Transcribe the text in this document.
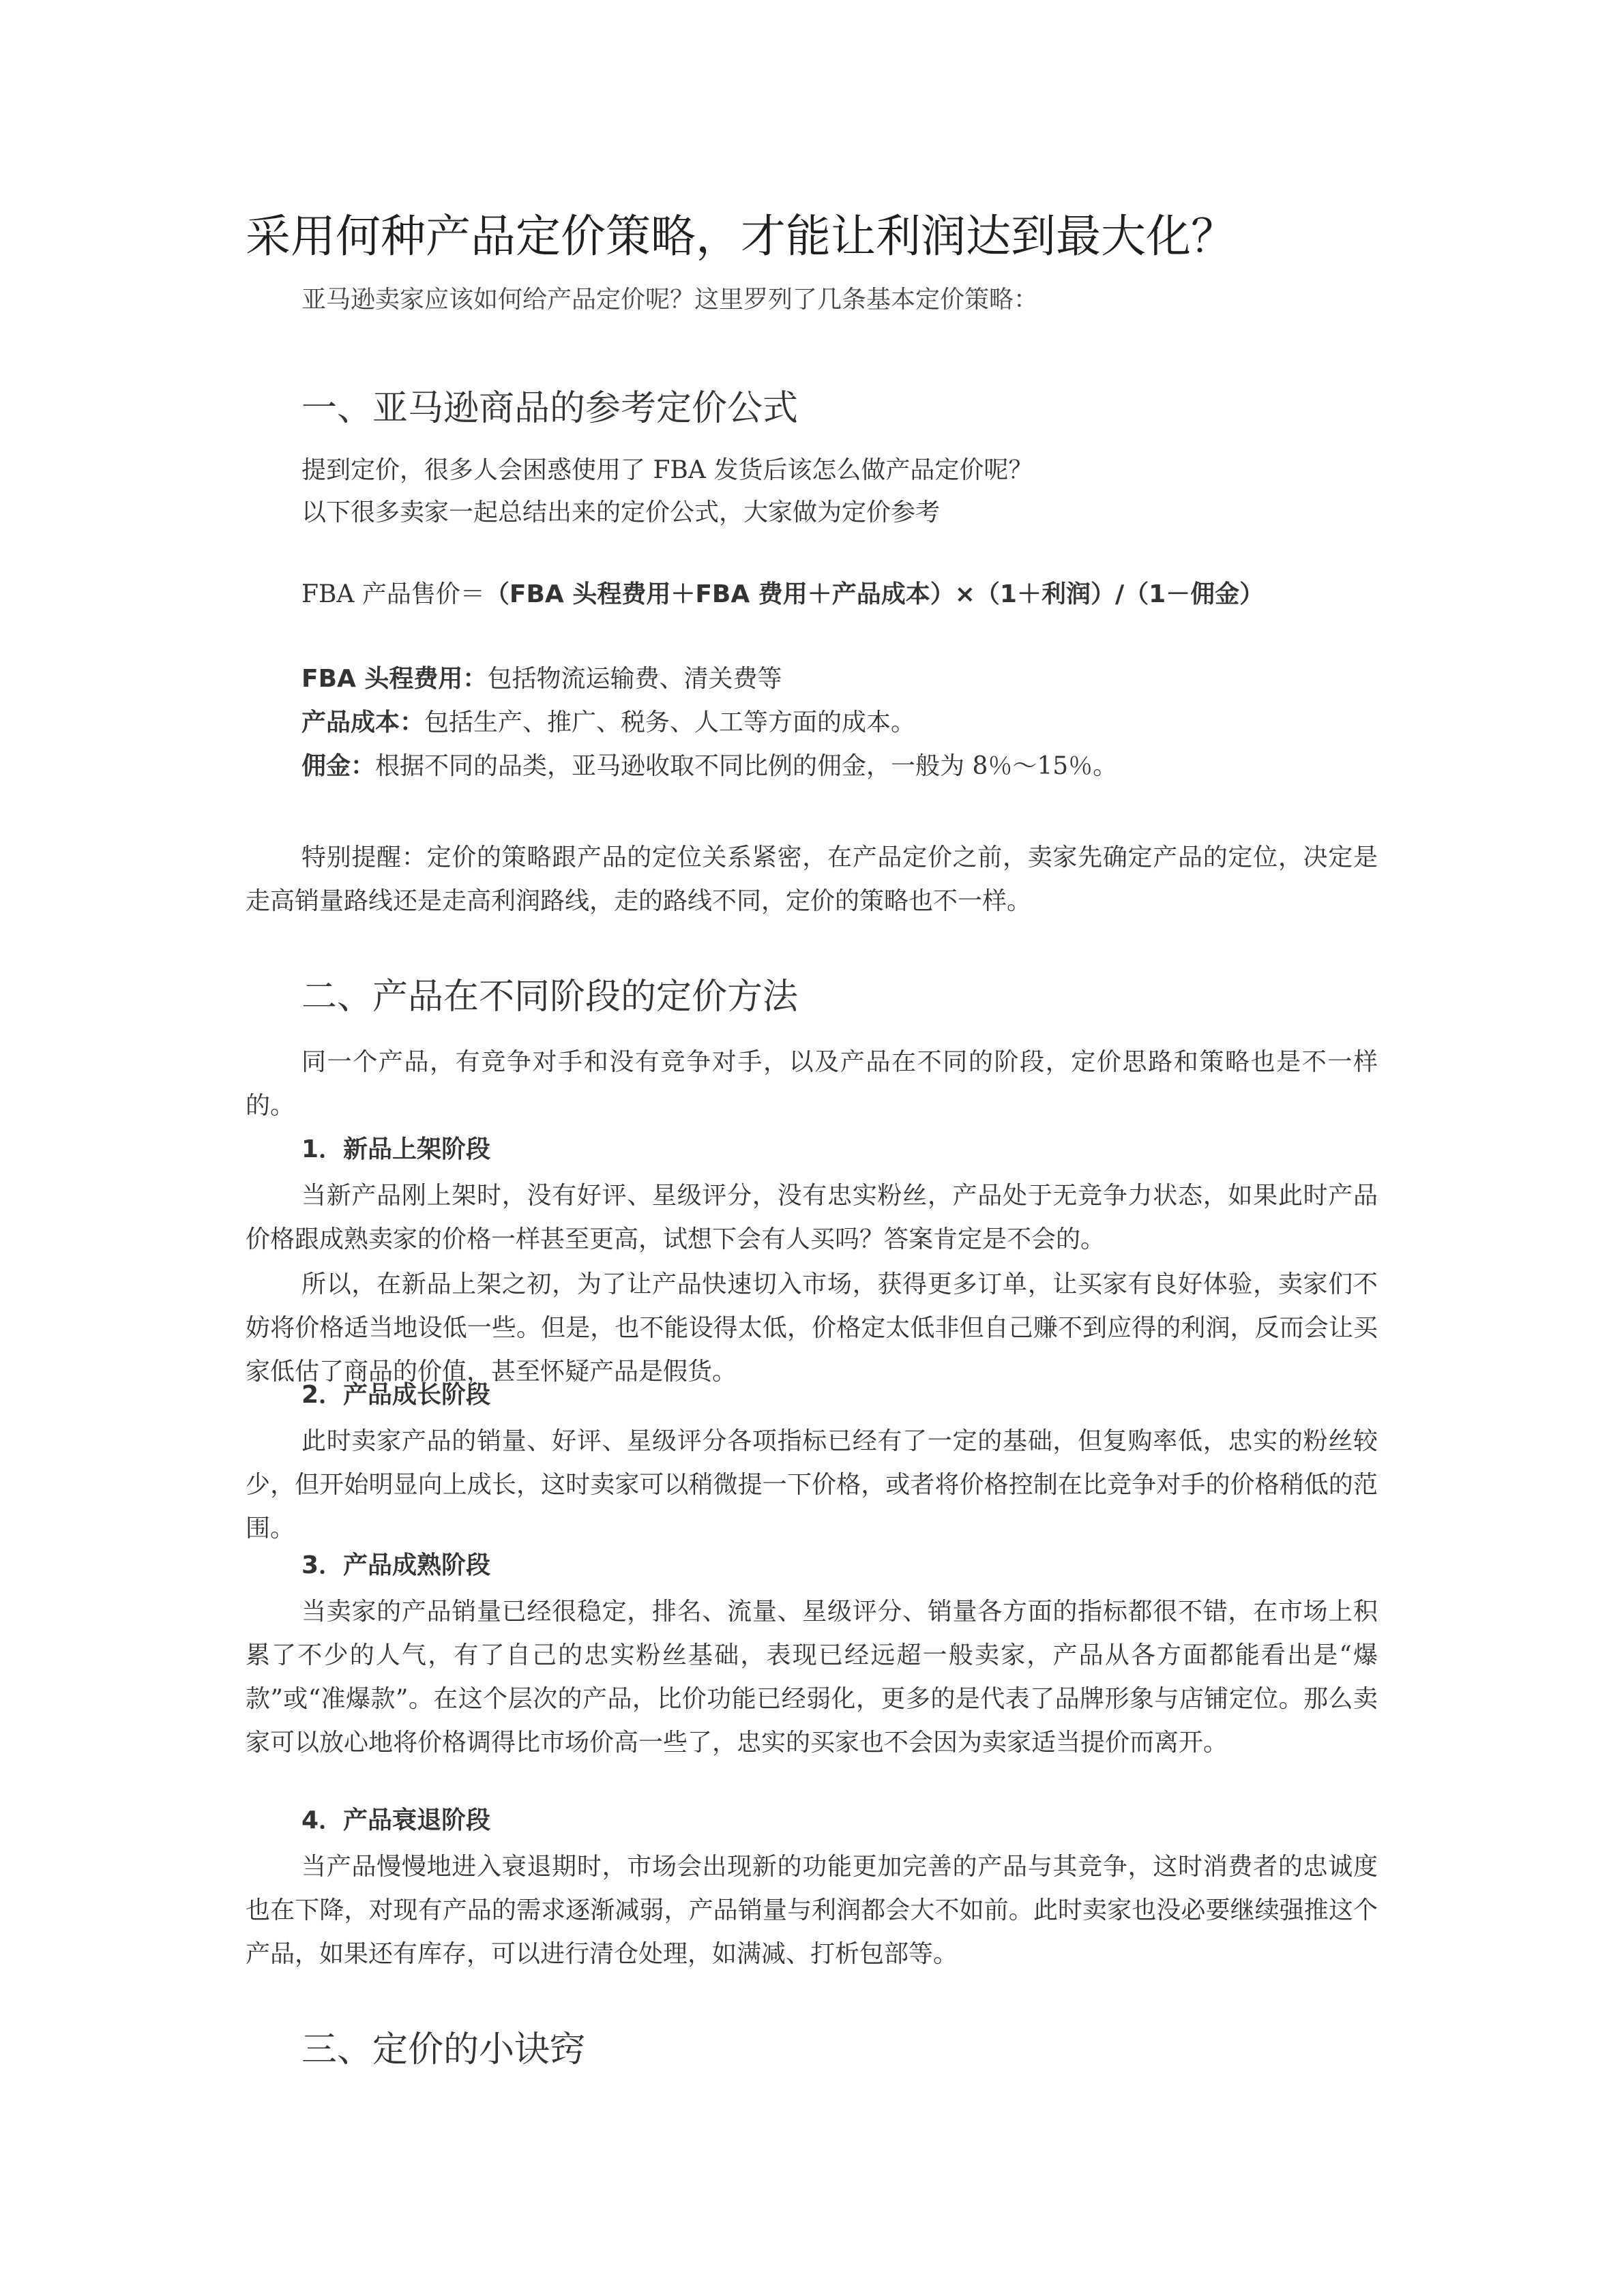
采用何种产品定价策略，才能让利润达到最大化？
亚马逊卖家应该如何给产品定价呢？这里罗列了几条基本定价策略：
一、亚马逊商品的参考定价公式
提到定价，很多人会困惑使用了 FBA 发货后该怎么做产品定价呢？
以下很多卖家一起总结出来的定价公式，大家做为定价参考
FBA 产品售价＝（FBA 头程费用＋FBA 费用＋产品成本）×（1＋利润）/（1－佣金）
FBA 头程费用：包括物流运输费、清关费等
产品成本：包括生产、推广、税务、人工等方面的成本。
佣金：根据不同的品类，亚马逊收取不同比例的佣金，一般为 8％～15％。

特别提醒：定价的策略跟产品的定位关系紧密，在产品定价之前，卖家先确定产品的定位，决定是走高销量路线还是走高利润路线，走的路线不同，定价的策略也不一样。

二、产品在不同阶段的定价方法

同一个产品，有竞争对手和没有竞争对手，以及产品在不同的阶段，定价思路和策略也是不一样的。

1．新品上架阶段

当新产品刚上架时，没有好评、星级评分，没有忠实粉丝，产品处于无竞争力状态，如果此时产品价格跟成熟卖家的价格一样甚至更高，试想下会有人买吗？答案肯定是不会的。

所以，在新品上架之初，为了让产品快速切入市场，获得更多订单，让买家有良好体验，卖家们不妨将价格适当地设低一些。但是，也不能设得太低，价格定太低非但自己赚不到应得的利润，反而会让买家低估了商品的价值，甚至怀疑产品是假货。

2．产品成长阶段

此时卖家产品的销量、好评、星级评分各项指标已经有了一定的基础，但复购率低，忠实的粉丝较少，但开始明显向上成长，这时卖家可以稍微提一下价格，或者将价格控制在比竞争对手的价格稍低的范围。

3．产品成熟阶段

当卖家的产品销量已经很稳定，排名、流量、星级评分、销量各方面的指标都很不错，在市场上积累了不少的人气，有了自己的忠实粉丝基础，表现已经远超一般卖家，产品从各方面都能看出是“爆款”或“准爆款”。在这个层次的产品，比价功能已经弱化，更多的是代表了品牌形象与店铺定位。那么卖家可以放心地将价格调得比市场价高一些了，忠实的买家也不会因为卖家适当提价而离开。

4．产品衰退阶段

当产品慢慢地进入衰退期时，市场会出现新的功能更加完善的产品与其竞争，这时消费者的忠诚度也在下降，对现有产品的需求逐渐减弱，产品销量与利润都会大不如前。此时卖家也没必要继续强推这个产品，如果还有库存，可以进行清仓处理，如满减、打析包部等。

三、定价的小诀窍
